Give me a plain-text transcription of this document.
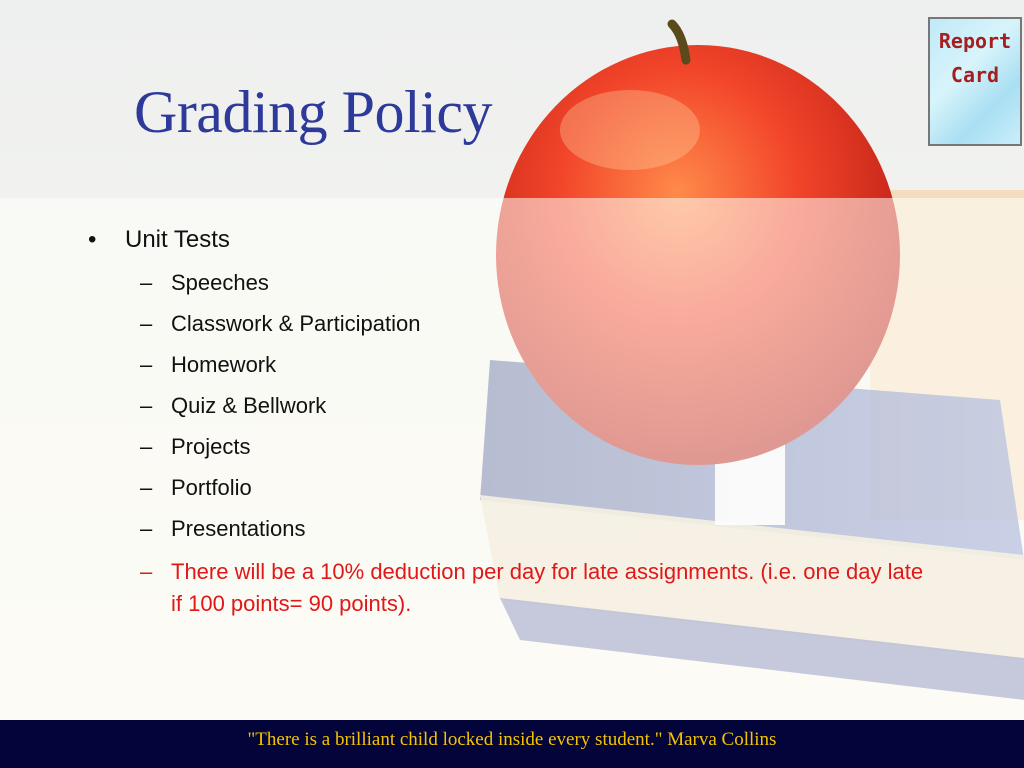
Grading Policy
Report
Card
• Unit Tests
– Speeches
– Classwork & Participation
– Homework
– Quiz & Bellwork
– Projects
– Portfolio
– Presentations
– There will be a 10% deduction per day for late assignments. (i.e. one day late if 100 points= 90 points).
"There is a brilliant child locked inside every student." Marva Collins
